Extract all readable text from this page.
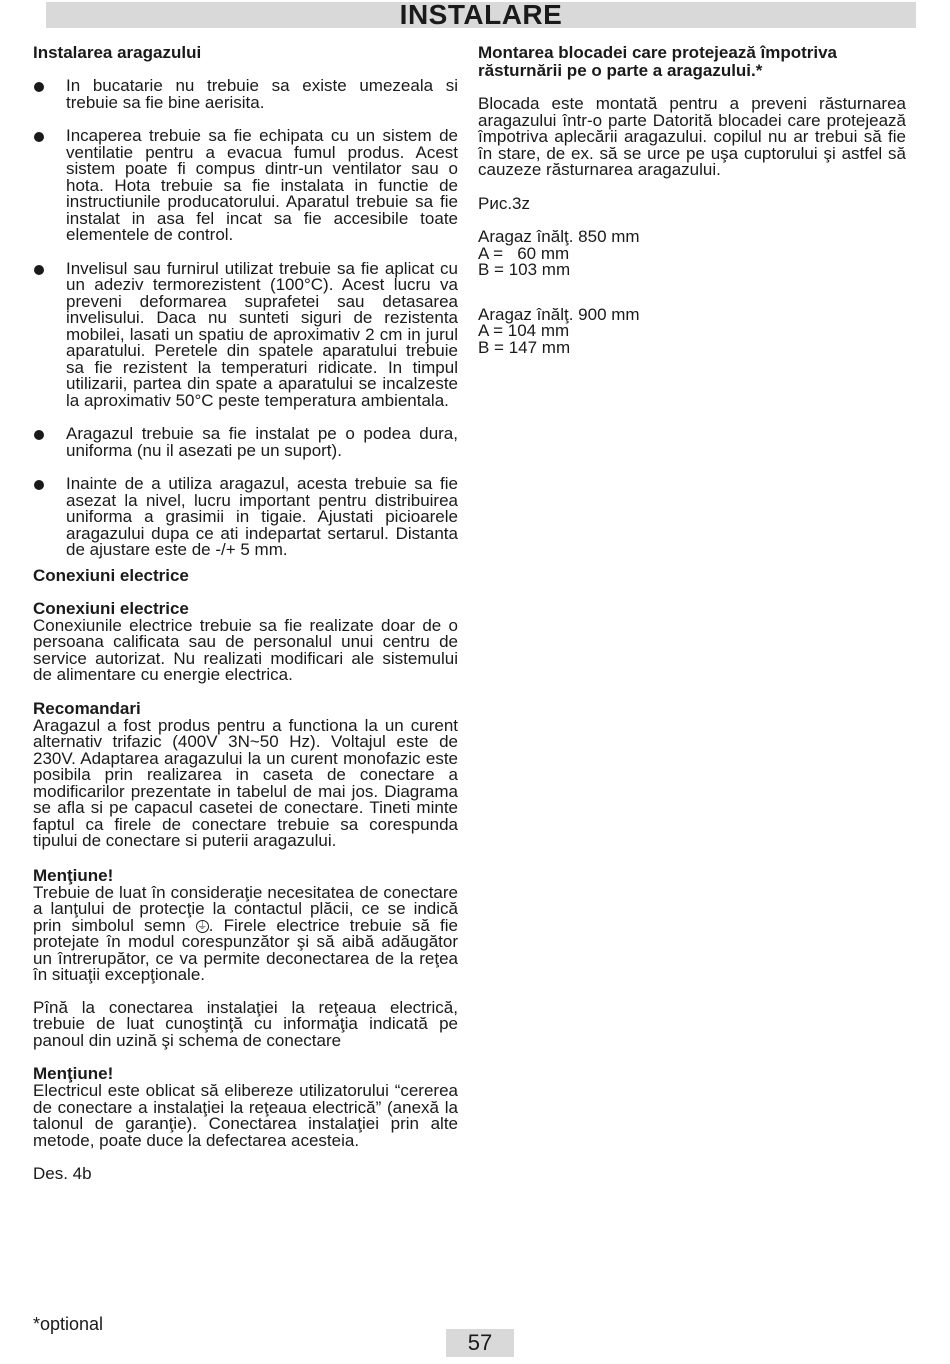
INSTALARE

Instalarea aragazului

In bucatarie nu trebuie sa existe umezeala si trebuie sa fie bine aerisita.
Incaperea trebuie sa fie echipata cu un sistem de ventilatie pentru a evacua fumul produs. Acest sistem poate fi compus dintr-un ventilator sau o hota. Hota trebuie sa fie instalata in functie de instructiunile producatorului. Aparatul trebuie sa fie instalat in asa fel incat sa fie accesibile toate elementele de control.
Invelisul sau furnirul utilizat trebuie sa fie aplicat cu un adeziv termorezistent (100°C). Acest lucru va preveni deformarea suprafetei sau detasarea invelisului. Daca nu sunteti siguri de rezistenta mobilei, lasati un spatiu de aproximativ 2 cm in jurul aparatului. Peretele din spatele aparatului trebuie sa fie rezistent la temperaturi ridicate. In timpul utilizarii, partea din spate a aparatului se incalzeste la aproximativ 50°C peste temperatura ambientala.
Aragazul trebuie sa fie instalat pe o podea dura, uniforma (nu il asezati pe un suport).
Inainte de a utiliza aragazul, acesta trebuie sa fie asezat la nivel, lucru important pentru distribuirea uniforma a grasimii in tigaie. Ajustati picioarele aragazului dupa ce ati indepartat sertarul. Distanta de ajustare este de -/+ 5 mm.

Conexiuni electrice

Conexiuni electrice

Conexiunile electrice trebuie sa fie realizate doar de o persoana calificata sau de personalul unui centru de service autorizat. Nu realizati modificari ale sistemului de alimentare cu energie electrica.

Recomandari

Aragazul a fost produs pentru a functiona la un curent alternativ trifazic (400V 3N~50 Hz). Voltajul este de 230V. Adaptarea aragazului la un curent monofazic este posibila prin realizarea in caseta de conectare a modificarilor prezentate in tabelul de mai jos. Diagrama se afla si pe capacul casetei de conectare. Tineti minte faptul ca firele de conectare trebuie sa corespunda tipului de conectare si puterii aragazului.

Menţiune!

Trebuie de luat în consideraţie necesitatea de conectare a lanţului de protecţie la contactul plăcii, ce se indică prin simbolul semn ⏚. Firele electrice trebuie să fie protejate în modul corespunzător şi să aibă adăugător un întrerupător, ce va permite deconectarea de la reţea în situaţii excepţionale.

Pînă la conectarea instalaţiei la reţeaua electrică, trebuie de luat cunoştinţă cu informaţia indicată pe panoul din uzină şi schema de conectare

Menţiune!

Electricul este oblicat să elibereze utilizatorului “cererea de conectare a instalaţiei la reţeaua electrică” (anexă la talonul de garanţie). Conectarea instalaţiei prin alte metode, poate duce la defectarea acesteia.

Des. 4b

Montarea blocadei care protejează împotriva răsturnării pe o parte a aragazului.*

Blocada este montată pentru a preveni răsturnarea aragazului într-o parte Datorită blocadei care protejează împotriva aplecării aragazului. copilul nu ar trebui să fie în stare, de ex. să se urce pe uşa cuptorului şi astfel să cauzeze răsturnarea aragazului.

Рис.3z

Aragaz înălţ. 850 mm

A =   60 mm

B = 103 mm

Aragaz înălţ. 900 mm

A = 104 mm

B = 147 mm

*optional
57
